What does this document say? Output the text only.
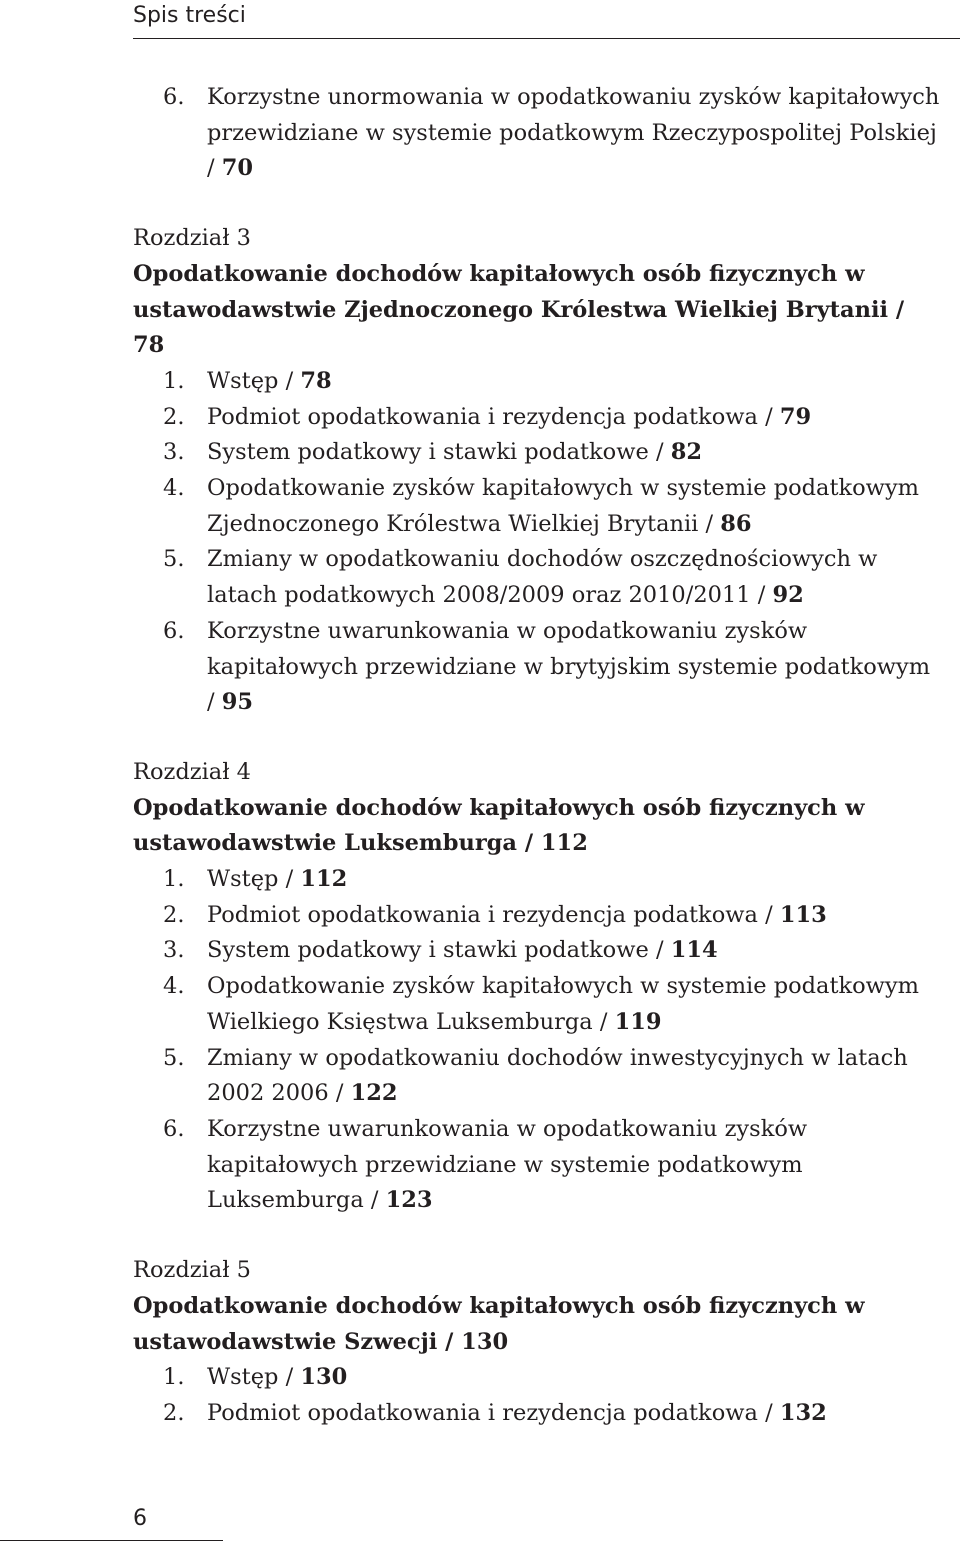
Spis treści
6. Korzystne unormowania w opodatkowaniu zysków kapitałowych przewidziane w systemie podatkowym Rzeczypospolitej Polskiej / 70
Rozdział 3
Opodatkowanie dochodów kapitałowych osób fizycznych w ustawodawstwie Zjednoczonego Królestwa Wielkiej Brytanii / 78
1. Wstęp / 78
2. Podmiot opodatkowania i rezydencja podatkowa / 79
3. System podatkowy i stawki podatkowe / 82
4. Opodatkowanie zysków kapitałowych w systemie podatkowym Zjednoczonego Królestwa Wielkiej Brytanii / 86
5. Zmiany w opodatkowaniu dochodów oszczędnościowych w latach podatkowych 2008/2009 oraz 2010/2011 / 92
6. Korzystne uwarunkowania w opodatkowaniu zysków kapitałowych przewidziane w brytyjskim systemie podatkowym / 95
Rozdział 4
Opodatkowanie dochodów kapitałowych osób fizycznych w ustawodawstwie Luksemburga / 112
1. Wstęp / 112
2. Podmiot opodatkowania i rezydencja podatkowa / 113
3. System podatkowy i stawki podatkowe / 114
4. Opodatkowanie zysków kapitałowych w systemie podatkowym Wielkiego Księstwa Luksemburga / 119
5. Zmiany w opodatkowaniu dochodów inwestycyjnych w latach 2002 2006 / 122
6. Korzystne uwarunkowania w opodatkowaniu zysków kapitałowych przewidziane w systemie podatkowym Luksemburga / 123
Rozdział 5
Opodatkowanie dochodów kapitałowych osób fizycznych w ustawodawstwie Szwecji / 130
1. Wstęp / 130
2. Podmiot opodatkowania i rezydencja podatkowa / 132
6
